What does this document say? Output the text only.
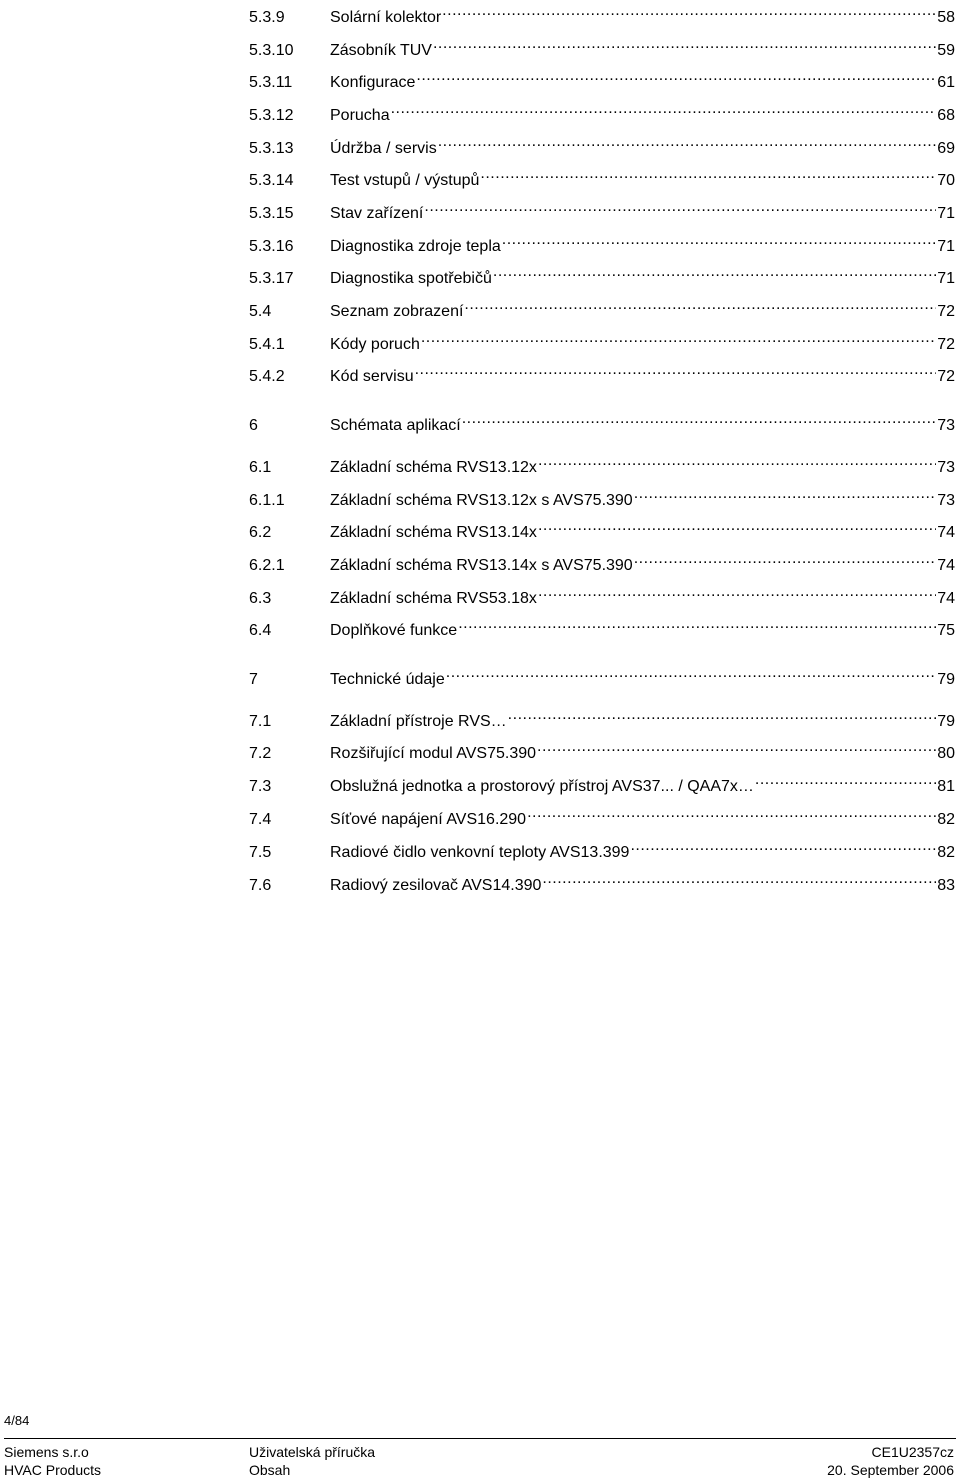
5.3.9	Solární kolektor .....	58
5.3.10	Zásobník TUV .....	59
5.3.11	Konfigurace .....	61
5.3.12	Porucha .....	68
5.3.13	Údržba / servis .....	69
5.3.14	Test vstupů / výstupů .....	70
5.3.15	Stav zařízení .....	71
5.3.16	Diagnostika zdroje tepla .....	71
5.3.17	Diagnostika spotřebičů .....	71
5.4	Seznam zobrazení .....	72
5.4.1	Kódy poruch .....	72
5.4.2	Kód servisu .....	72
6	Schémata aplikací .....	73
6.1	Základní schéma RVS13.12x .....	73
6.1.1	Základní schéma RVS13.12x s AVS75.390 .....	73
6.2	Základní schéma RVS13.14x .....	74
6.2.1	Základní schéma RVS13.14x s AVS75.390 .....	74
6.3	Základní schéma RVS53.18x .....	74
6.4	Doplňkové funkce .....	75
7	Technické údaje .....	79
7.1	Základní přístroje RVS… .....	79
7.2	Rozšiřující modul AVS75.390 .....	80
7.3	Obslužná jednotka a prostorový přístroj AVS37... / QAA7x… .....	81
7.4	Síťové napájení AVS16.290 .....	82
7.5	Radiové čidlo venkovní teploty AVS13.399 .....	82
7.6	Radiový zesilovač AVS14.390 .....	83
4/84
Siemens s.r.o
HVAC Products
Uživatelská příručka
Obsah
CE1U2357cz
20. September 2006
